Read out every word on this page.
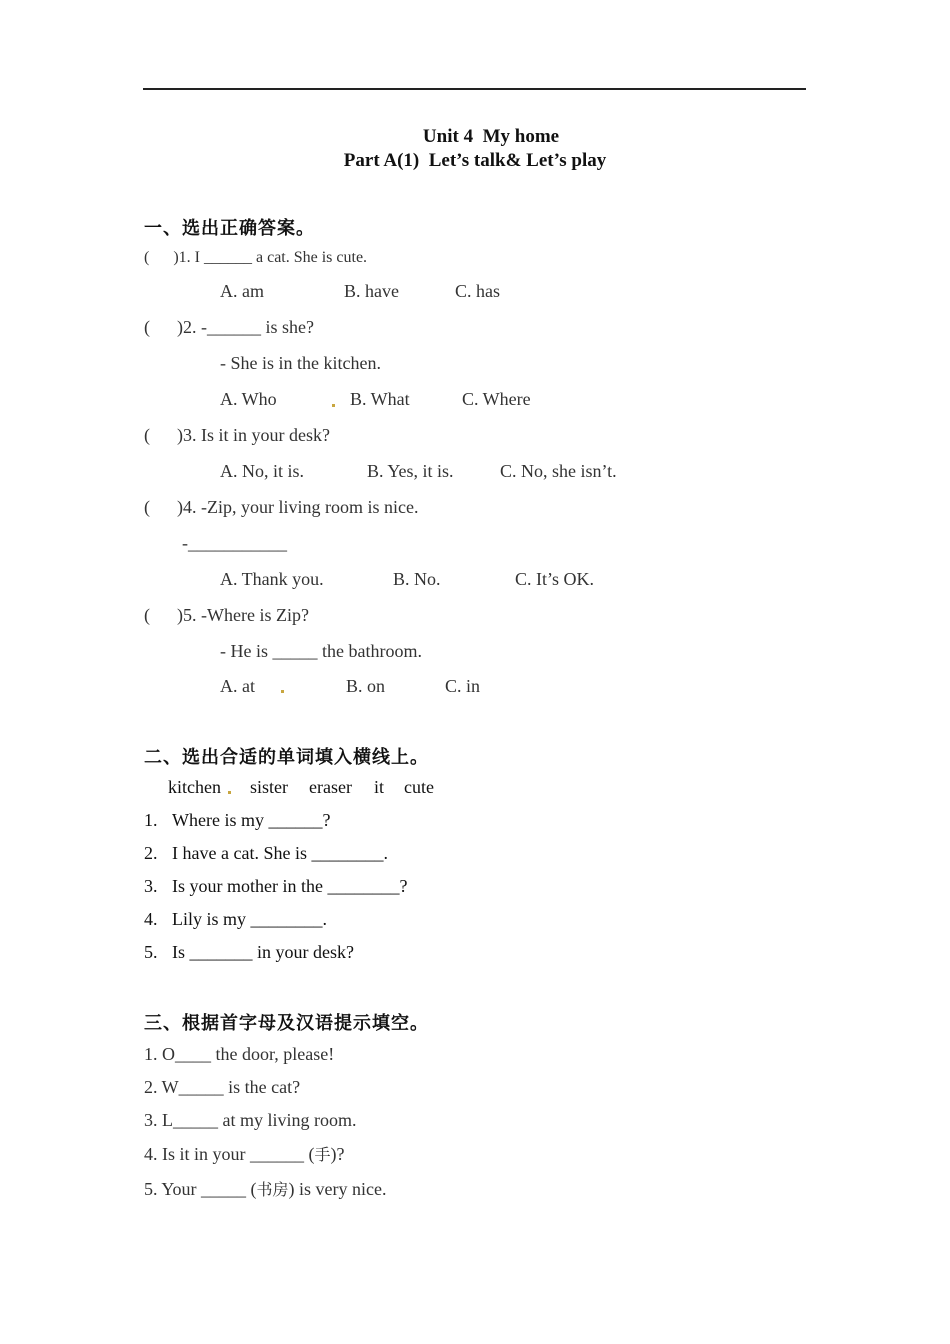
Unit 4  My home
Part A(1)  Let’s talk& Let’s play
一、选出正确答案。
(      )1. I ______ a cat. She is cute.
A. am	B. have	C. has
(      )2. -______ is she?
- She is in the kitchen.
A. Who	B. What	C. Where
(      )3. Is it in your desk?
A. No, it is.	B. Yes, it is.	C. No, she isn’t.
(      )4. -Zip, your living room is nice.
-___________
A. Thank you.	B. No.	C. It’s OK.
(      )5. -Where is Zip?
- He is _____ the bathroom.
A. at	B. on	C. in
二、选出合适的单词填入横线上。
kitchen sister eraser it cute
1. Where is my ______?
2. I have a cat. She is ________.
3. Is your mother in the ________?
4. Lily is my ________.
5. Is _______ in your desk?
三、根据首字母及汉语提示填空。
1. O____ the door, please!
2. W_____ is the cat?
3. L_____ at my living room.
4. Is it in your ______ (手)?
5. Your _____ (书房) is very nice.
